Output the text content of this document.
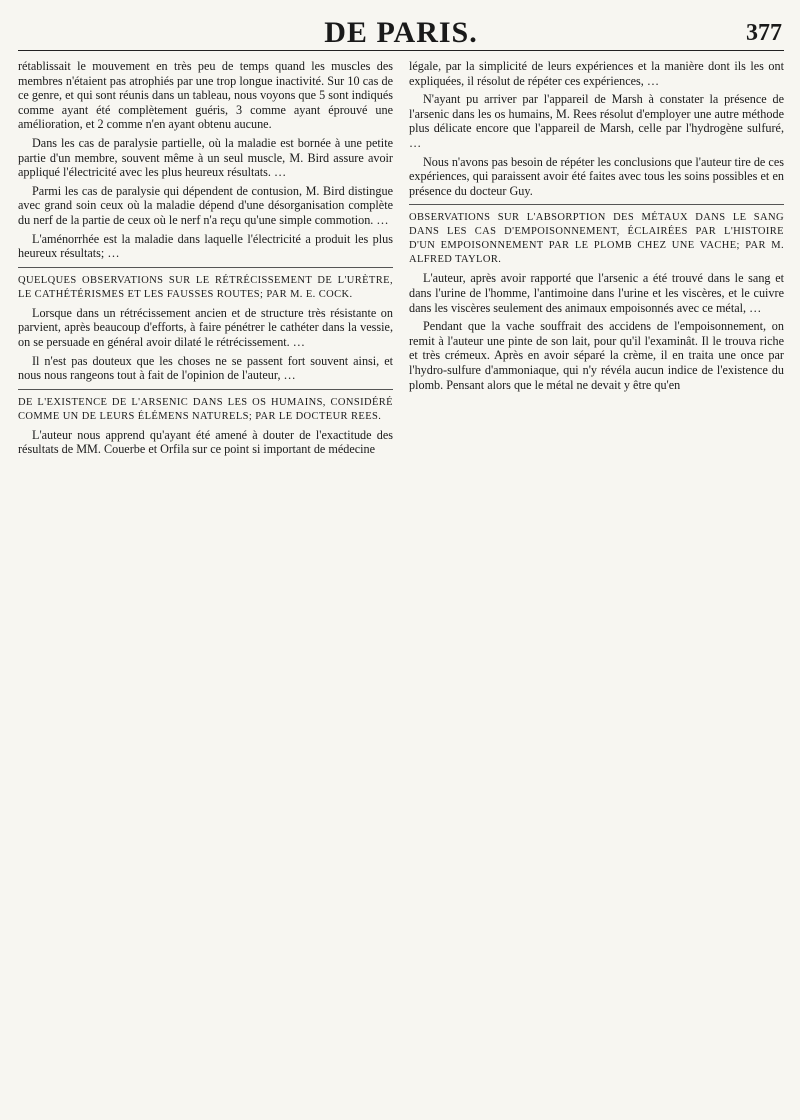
DE PARIS.	377

rétablissait le mouvement en très peu de temps quand les muscles des membres n'étaient pas atrophiés par une trop longue inactivité. Sur 10 cas de ce genre, et qui sont réunis dans un tableau, nous voyons que 5 sont indiqués comme ayant été complètement guéris, 3 comme ayant éprouvé une amélioration, et 2 comme n'en ayant obtenu aucune.

Dans les cas de paralysie partielle, où la maladie est bornée à une petite partie d'un membre, souvent même à un seul muscle, M. Bird assure avoir appliqué l'électricité avec les plus heureux résultats. …

Parmi les cas de paralysie qui dépendent de contusion, M. Bird distingue avec grand soin ceux où la maladie dépend d'une désorganisation complète du nerf de la partie de ceux où le nerf n'a reçu qu'une simple commotion. …

L'aménorrhée est la maladie dans laquelle l'électricité a produit les plus heureux résultats; …

QUELQUES OBSERVATIONS SUR LE RÉTRÉCISSEMENT DE L'URÈTRE, LE CATHÉTÉRISMES ET LES FAUSSES ROUTES; PAR M. E. COCK.

Lorsque dans un rétrécissement ancien et de structure très résistante on parvient, après beaucoup d'efforts, à faire pénétrer le cathéter dans la vessie, on se persuade en général avoir dilaté le rétrécissement. …

Il n'est pas douteux que les choses ne se passent fort souvent ainsi, et nous nous rangeons tout à fait de l'opinion de l'auteur, …

DE L'EXISTENCE DE L'ARSENIC DANS LES OS HUMAINS, CONSIDÉRÉ COMME UN DE LEURS ÉLÉMENS NATURELS; PAR LE DOCTEUR REES.

L'auteur nous apprend qu'ayant été amené à douter de l'exactitude des résultats de MM. Couerbe et Orfila sur ce point si important de médecine

légale, par la simplicité de leurs expériences et la manière dont ils les ont expliquées, il résolut de répéter ces expériences, …

N'ayant pu arriver par l'appareil de Marsh à constater la présence de l'arsenic dans les os humains, M. Rees résolut d'employer une autre méthode plus délicate encore que l'appareil de Marsh, celle par l'hydrogène sulfuré, …

Nous n'avons pas besoin de répéter les conclusions que l'auteur tire de ces expériences, qui paraissent avoir été faites avec tous les soins possibles et en présence du docteur Guy.

OBSERVATIONS SUR L'ABSORPTION DES MÉTAUX DANS LE SANG DANS LES CAS D'EMPOISONNEMENT, ÉCLAIRÉES PAR L'HISTOIRE D'UN EMPOISONNEMENT PAR LE PLOMB CHEZ UNE VACHE; PAR M. ALFRED TAYLOR.

L'auteur, après avoir rapporté que l'arsenic a été trouvé dans le sang et dans l'urine de l'homme, l'antimoine dans l'urine et les viscères, et le cuivre dans les viscères seulement des animaux empoisonnés avec ce métal, …

Pendant que la vache souffrait des accidens de l'empoisonnement, on remit à l'auteur une pinte de son lait, pour qu'il l'examinât. Il le trouva riche et très crémeux. Après en avoir séparé la crème, il en traita une once par l'hydro-sulfure d'ammoniaque, qui n'y révéla aucun indice de l'existence du plomb. Pensant alors que le métal ne devait y être qu'en
